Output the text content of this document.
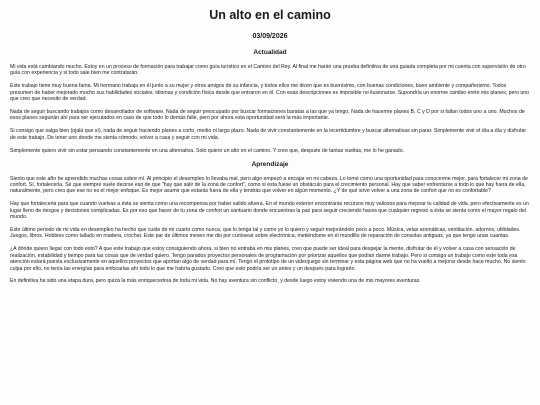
Un alto en el camino
03/09/2026
Actualidad

Mi vida está cambiando mucho. Estoy en un proceso de formación para trabajar como guía turístico en el Camino del Rey. Al final me harán una prueba definitiva de una guiada completa por mi cuenta con supervisión de otro guía con experiencia y si todo sale bien me contratarán.

Este trabajo tiene muy buena fama. Mi hermano trabaja en él junto a su mujer y otros amigos de su infancia, y todos ellos me dicen que es buenísimo, con buenas condiciones, buen ambiente y compañerismo. Todos presumen de haber mejorado mucho sus habilidades sociales, idiomas y condición física desde que entraron en él. Con esas descripciones es imposible no ilusionarse. Supondría un enorme cambio entre mis planes, pero uno que creo que necesito de verdad.

Nada de seguir buscando trabajos como desarrollador de software. Nada de seguir preocupado por buscar formaciones baratas a las que ya tengo. Nada de hacerme planes B, C y D por si fallan todos uno a uno. Muchos de esos planes seguirán ahí para ser ejecutados en caso de que todo lo demás falle, pero por ahora esta oportunidad será la más importante.

Si consigo que salga bien (ojalá que sí), nada de seguir haciendo planes a corto, medio ni largo plazo. Nada de vivir constantemente en la incertidumbre y buscar alternativas sin parar. Simplemente vivir el día a día y disfrutar de este trabajo. De tener uno donde me sienta cómodo, volver a casa y seguir con mi vida.

Simplemente quiero vivir sin estar pensando constantemente en una alternativa. Solo quiero un alto en el camino. Y creo que, después de tantas vueltas, me lo he ganado.

Aprendizaje

Siento que este año he aprendido muchas cosas sobre mí. Al principio el desempleo lo llevaba mal, pero algo empezó a encajar en mi cabeza. Lo tomé como una oportunidad para conocerme mejor, para fortalecer mi zona de confort. Sí, fortalecerla. Sé que siempre suele decirse eso de que "hay que salir de la zona de confort", como si ésta fuese un obstáculo para el crecimiento personal. Hay que saber enfrentarse a todo lo que hay fuera de ella, naturalmente, pero creo que ese no es el mejor enfoque. Es mejor asumir que estarás fuera de ella y tendrás que volver en algún momento. ¿Y de qué sirve volver a una zona de confort que no es confortable?

Hay que fortalecerla para que cuando vuelvas a ésta se sienta como una recompensa por haber salido afuera. En el mundo exterior encontrarás recursos muy valiosos para mejorar tu calidad de vida, pero efectivamente es un lugar lleno de riesgos y decisiones complicadas. Es por eso que hacer de tu zona de confort un santuario donde encuentras la paz para seguir creciendo haces que cualquier regreso a ésta se sienta como el mayor regalo del mundo.

Este último periodo de mi vida en desempleo ha hecho que cuide de mi cuarto como nunca, que lo tenga tal y como yo lo quiero y seguir mejorándolo poco a poco. Música, velas aromáticas, ventilación, adornos, utilidades. Juegos, libros. Hobbies como tallado en madera, crochet. Este par de últimos meses me dio por curiosear sobre electrónica, metiéndome en el mundillo de reparación de consolas antiguas, ya que tengo unas cuantas.

¿A dónde quiero llegar con todo esto? A que este trabajo que estoy consiguiendo ahora, si bien no entraba en mis planes, creo que puede ser ideal para despejar la mente, disfrutar de él y volver a casa con sensación de realización, estabilidad y tiempo para las cosas que de verdad quiero. Tengo parados proyectos personales de programación por priorizar aquellos que podían darme trabajo. Pero si consigo un trabajo como este toda esa atención estará puesta exclusivamente en aquellos proyectos que aportan algo de verdad para mí. Tengo el prototipo de un videojuego sin terminar y esta página web que no ha vuelto a mejorar desde hace mucho. No siento culpa por ello, no tenía las energías para enfocarlas ahí todo lo que me habría gustado. Creo que esto podría ser un antes y un después para lograrlo.

En definitiva ha sido una etapa dura, pero quizá la más enriquecedora de toda mi vida. No hay aventura sin conflicto, y desde luego estoy viviendo una de mis mayores aventuras.
